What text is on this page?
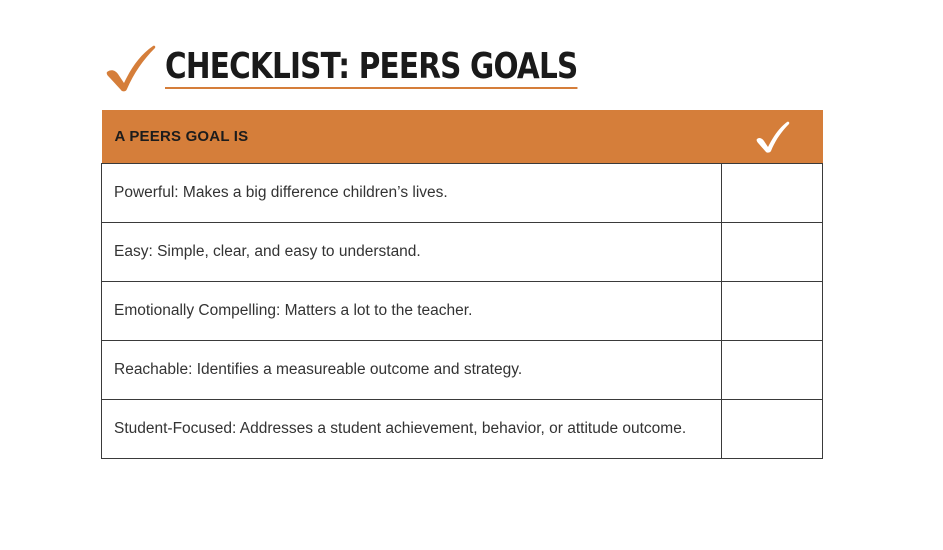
CHECKLIST: PEERS GOALS
A PEERS GOAL IS	
Powerful: Makes a big difference children’s lives.	
Easy: Simple, clear, and easy to understand.	
Emotionally Compelling: Matters a lot to the teacher.	
Reachable: Identifies a measureable outcome and strategy.	
Student-Focused: Addresses a student achievement, behavior, or attitude outcome.	
